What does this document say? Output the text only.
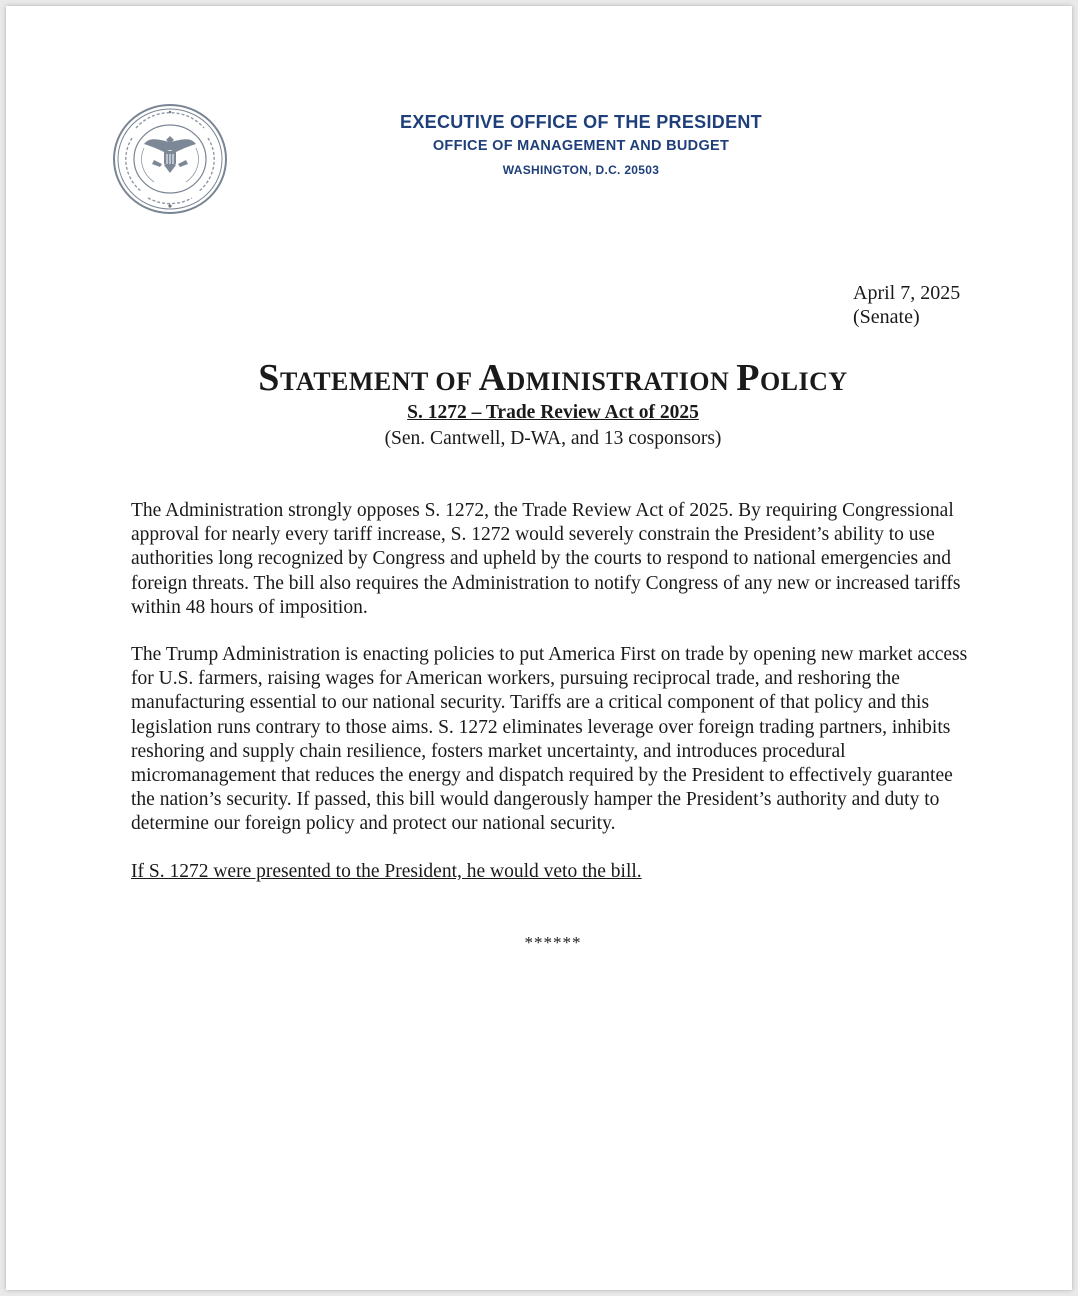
EXECUTIVE OFFICE OF THE PRESIDENT
OFFICE OF MANAGEMENT AND BUDGET
WASHINGTON, D.C. 20503
April 7, 2025
(Senate)
STATEMENT OF ADMINISTRATION POLICY
S. 1272 – Trade Review Act of 2025
(Sen. Cantwell, D-WA, and 13 cosponsors)

The Administration strongly opposes S. 1272, the Trade Review Act of 2025. By requiring Congressional approval for nearly every tariff increase, S. 1272 would severely constrain the President’s ability to use authorities long recognized by Congress and upheld by the courts to respond to national emergencies and foreign threats. The bill also requires the Administration to notify Congress of any new or increased tariffs within 48 hours of imposition.

The Trump Administration is enacting policies to put America First on trade by opening new market access for U.S. farmers, raising wages for American workers, pursuing reciprocal trade, and reshoring the manufacturing essential to our national security. Tariffs are a critical component of that policy and this legislation runs contrary to those aims. S. 1272 eliminates leverage over foreign trading partners, inhibits reshoring and supply chain resilience, fosters market uncertainty, and introduces procedural micromanagement that reduces the energy and dispatch required by the President to effectively guarantee the nation’s security. If passed, this bill would dangerously hamper the President’s authority and duty to determine our foreign policy and protect our national security.

If S. 1272 were presented to the President, he would veto the bill.

******
